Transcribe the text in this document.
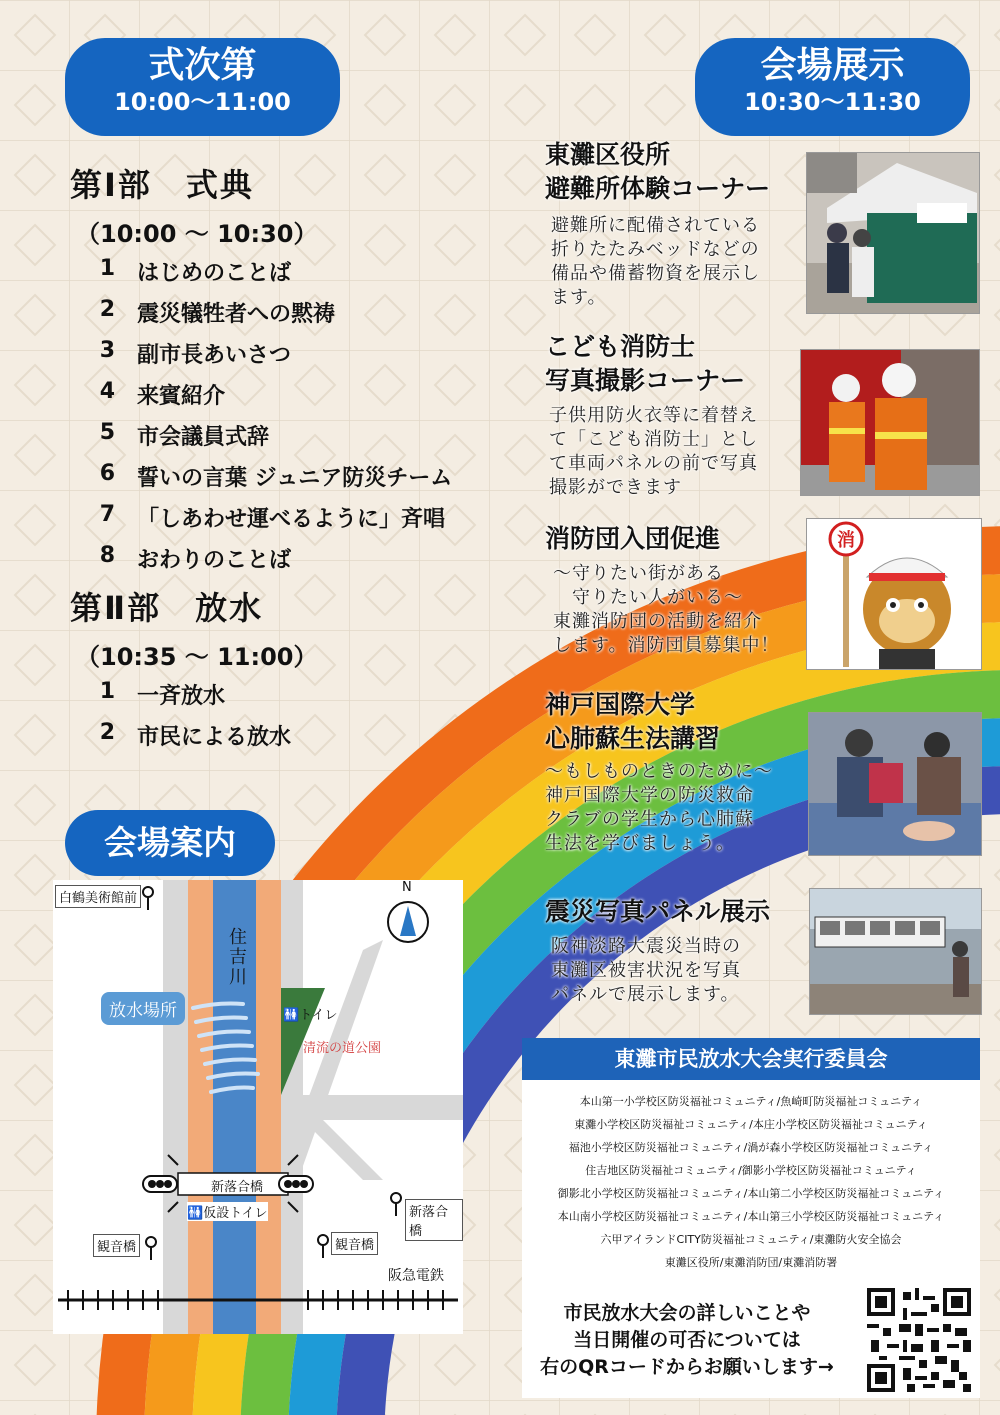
式次第
10:00～11:00
第Ⅰ部　式典
（10:00 ～ 10:30）
1 はじめのことば
2 震災犠牲者への黙祷
3 副市長あいさつ
4 来賓紹介
5 市会議員式辞
6 誓いの言葉 ジュニア防災チーム
7 「しあわせ運べるように」斉唱
8 おわりのことば
第Ⅱ部　放水
（10:35 ～ 11:00）
1 一斉放水
2 市民による放水
会場展示
10:30～11:30
東灘区役所
避難所体験コーナー
避難所に配備されている
折りたたみベッドなどの
備品や備蓄物資を展示し
ます。
こども消防士
写真撮影コーナー
子供用防火衣等に着替え
て「こども消防士」とし
て車両パネルの前で写真
撮影ができます
消防団入団促進
～守りたい街がある
　守りたい人がいる～
東灘消防団の活動を紹介
します。消防団員募集中！
消
神戸国際大学
心肺蘇生法講習
～もしものときのために～
神戸国際大学の防災救命
クラブの学生から心肺蘇
生法を学びましょう。
震災写真パネル展示
阪神淡路大震災当時の
東灘区被害状況を写真
パネルで展示します。
会場案内
白鶴美術館前
N
住吉川
放水場所	🚻トイレ
清流の道公園
新落合橋
🚻仮設トイレ	新落合橋
観音橋	観音橋
阪急電鉄
東灘市民放水大会実行委員会
本山第一小学校区防災福祉コミュニティ/魚崎町防災福祉コミュニティ
東灘小学校区防災福祉コミュニティ/本庄小学校区防災福祉コミュニティ
福池小学校区防災福祉コミュニティ/渦が森小学校区防災福祉コミュニティ
住吉地区防災福祉コミュニティ/御影小学校区防災福祉コミュニティ
御影北小学校区防災福祉コミュニティ/本山第二小学校区防災福祉コミュニティ
本山南小学校区防災福祉コミュニティ/本山第三小学校区防災福祉コミュニティ
六甲アイランドCITY防災福祉コミュニティ/東灘防火安全協会
東灘区役所/東灘消防団/東灘消防署
市民放水大会の詳しいことや
当日開催の可否については
右のQRコードからお願いします→
